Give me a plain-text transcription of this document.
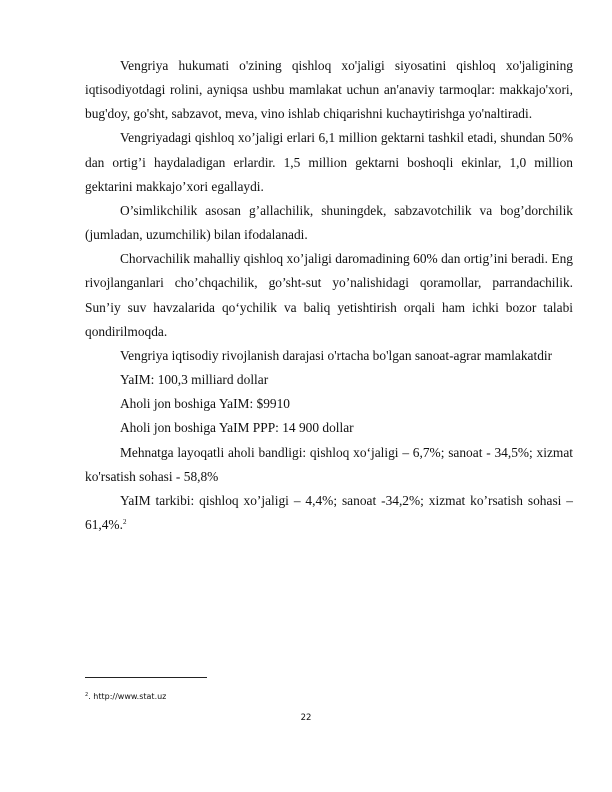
Vengriya hukumati o'zining qishloq xo'jaligi siyosatini qishloq xo'jaligining iqtisodiyotdagi rolini, ayniqsa ushbu mamlakat uchun an'anaviy tarmoqlar: makkajo'xori, bug'doy, go'sht, sabzavot, meva, vino ishlab chiqarishni kuchaytirishga yo'naltiradi.

Vengriyadagi qishloq xo’jaligi erlari 6,1 million gektarni tashkil etadi, shundan 50% dan ortig’i haydaladigan erlardir. 1,5 million gektarni boshoqli ekinlar, 1,0 million gektarini makkajo’xori egallaydi.

O’simlikchilik asosan g’allachilik, shuningdek, sabzavotchilik va bog’dorchilik (jumladan, uzumchilik) bilan ifodalanadi.

Chorvachilik mahalliy qishloq xo’jaligi daromadining 60% dan ortig’ini beradi. Eng rivojlanganlari cho’chqachilik, go’sht-sut yo’nalishidagi qoramollar, parrandachilik. Sun’iy suv havzalarida qo‘ychilik va baliq yetishtirish orqali ham ichki bozor talabi qondirilmoqda.

Vengriya iqtisodiy rivojlanish darajasi o'rtacha bo'lgan sanoat-agrar mamlakatdir

YaIM: 100,3 milliard dollar

Aholi jon boshiga YaIM: $9910

Aholi jon boshiga YaIM PPP: 14 900 dollar

Mehnatga layoqatli aholi bandligi: qishloq xo‘jaligi – 6,7%; sanoat - 34,5%; xizmat ko'rsatish sohasi - 58,8%

YaIM tarkibi: qishloq xo’jaligi – 4,4%; sanoat -34,2%; xizmat ko’rsatish sohasi – 61,4%.$^2$

$^2$. http://www.stat.uz
22
